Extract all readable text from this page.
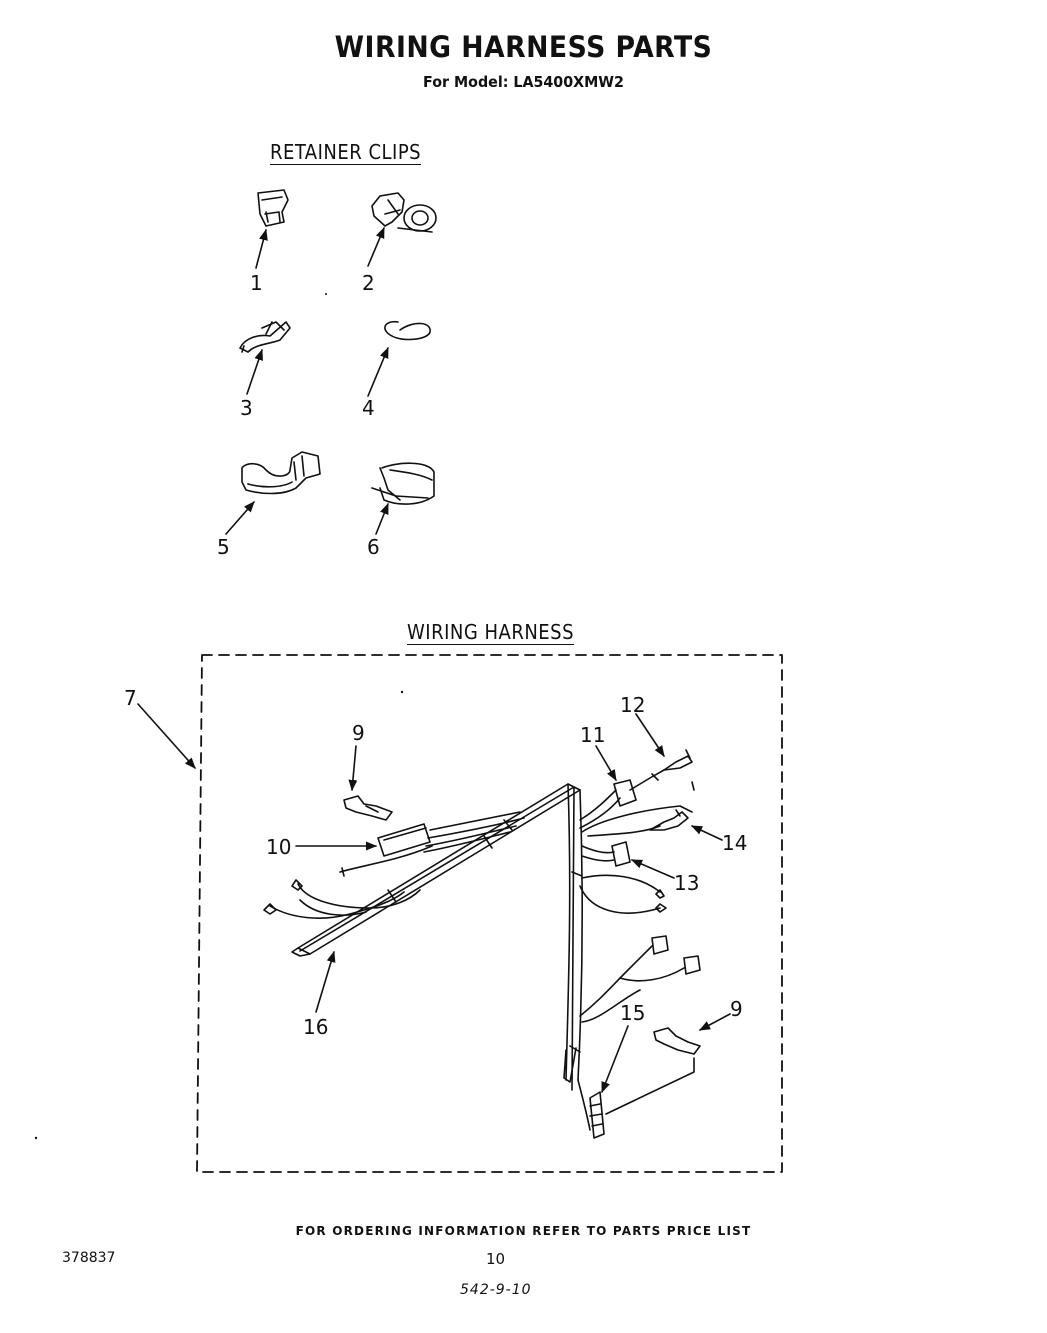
WIRING HARNESS PARTS
For Model: LA5400XMW2
RETAINER CLIPS
WIRING HARNESS
1	2
3	4
5	6
7
9
10
11
12
13
14
15
16
9
FOR ORDERING INFORMATION REFER TO PARTS PRICE LIST
378837	10
542-9-10
